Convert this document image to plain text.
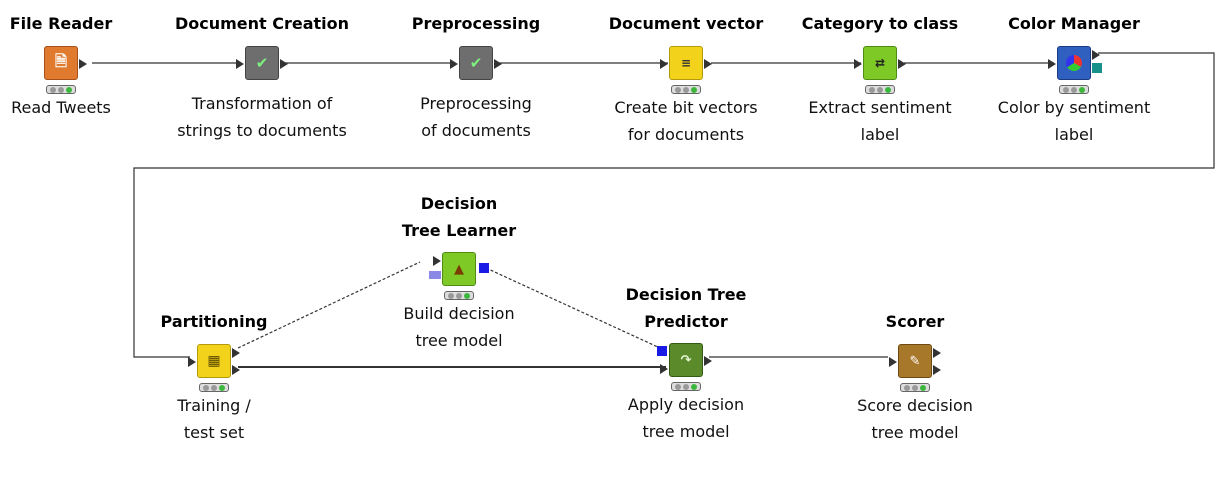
File Reader
🗎
Read Tweets
Document Creation
✔
Transformation of
strings to documents
Preprocessing
✔
Preprocessing
of documents
Document vector
≡
Create bit vectors
for documents
Category to class
⇄
Extract sentiment
label
Color Manager
Color by sentiment
label
Partitioning
▦
Training /
test set
Decision
Tree Learner
▲
Build decision
tree model
Decision Tree
Predictor
↷
Apply decision
tree model
Scorer
✎
Score decision
tree model
